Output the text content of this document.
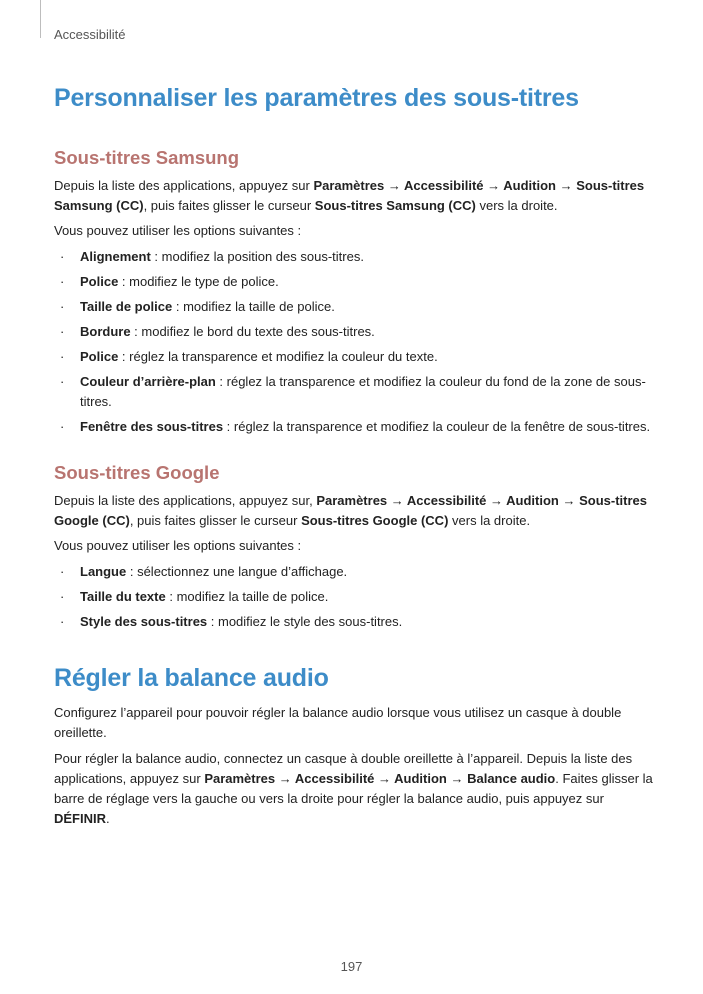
Accessibilité
Personnaliser les paramètres des sous-titres
Sous-titres Samsung

Depuis la liste des applications, appuyez sur Paramètres → Accessibilité → Audition → Sous-titres Samsung (CC), puis faites glisser le curseur Sous-titres Samsung (CC) vers la droite.

Vous pouvez utiliser les options suivantes :

· Alignement : modifiez la position des sous-titres.
· Police : modifiez le type de police.
· Taille de police : modifiez la taille de police.
· Bordure : modifiez le bord du texte des sous-titres.
· Police : réglez la transparence et modifiez la couleur du texte.
· Couleur d’arrière-plan : réglez la transparence et modifiez la couleur du fond de la zone de sous-titres.
· Fenêtre des sous-titres : réglez la transparence et modifiez la couleur de la fenêtre de sous-titres.
Sous-titres Google

Depuis la liste des applications, appuyez sur, Paramètres → Accessibilité → Audition → Sous-titres Google (CC), puis faites glisser le curseur Sous-titres Google (CC) vers la droite.

Vous pouvez utiliser les options suivantes :

· Langue : sélectionnez une langue d’affichage.
· Taille du texte : modifiez la taille de police.
· Style des sous-titres : modifiez le style des sous-titres.
Régler la balance audio

Configurez l’appareil pour pouvoir régler la balance audio lorsque vous utilisez un casque à double oreillette.

Pour régler la balance audio, connectez un casque à double oreillette à l’appareil. Depuis la liste des applications, appuyez sur Paramètres → Accessibilité → Audition → Balance audio. Faites glisser la barre de réglage vers la gauche ou vers la droite pour régler la balance audio, puis appuyez sur DÉFINIR.

197
